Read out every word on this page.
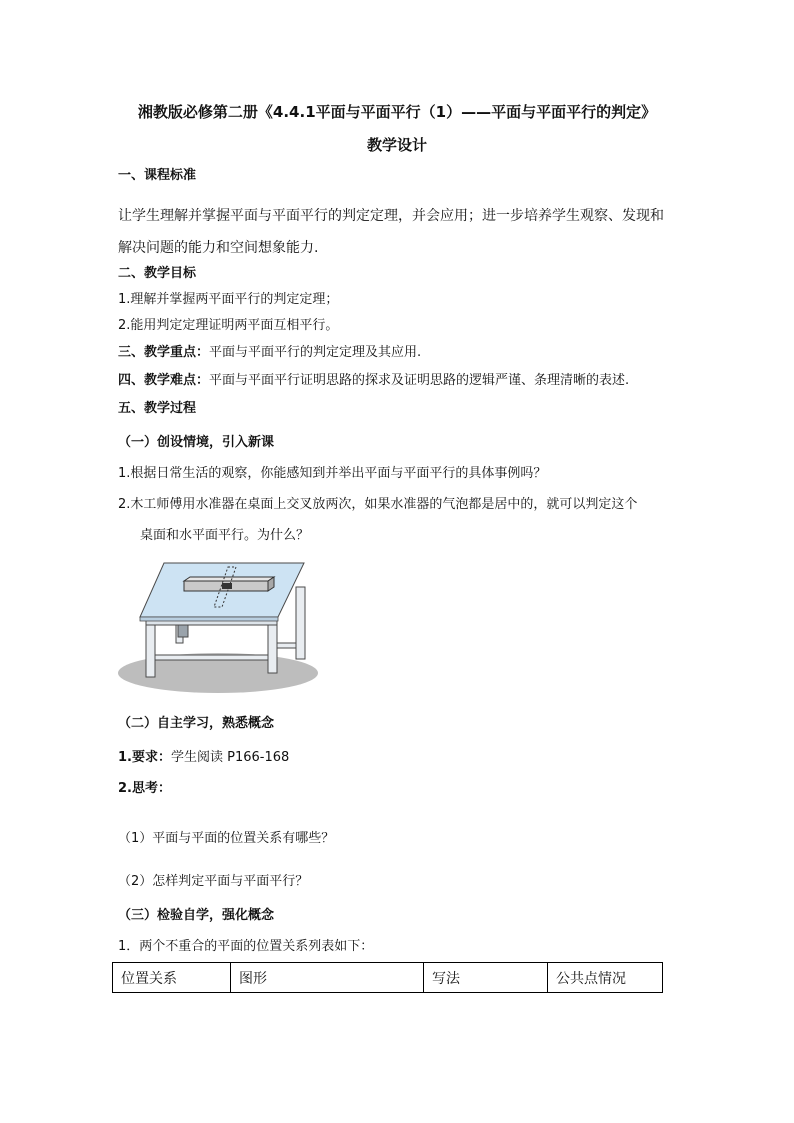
湘教版必修第二册《4.4.1平面与平面平行（1）——平面与平面平行的判定》
教学设计
一、课程标准
让学生理解并掌握平面与平面平行的判定定理，并会应用；进一步培养学生观察、发现和
解决问题的能力和空间想象能力.
二、教学目标
1.理解并掌握两平面平行的判定定理；
2.能用判定定理证明两平面互相平行。
三、教学重点：平面与平面平行的判定定理及其应用.
四、教学难点：平面与平面平行证明思路的探求及证明思路的逻辑严谨、条理清晰的表述.
五、教学过程
（一）创设情境，引入新课
1.根据日常生活的观察，你能感知到并举出平面与平面平行的具体事例吗？
2.木工师傅用水准器在桌面上交叉放两次，如果水准器的气泡都是居中的，就可以判定这个
桌面和水平面平行。为什么？
（二）自主学习，熟悉概念
1.要求：学生阅读 P166-168
2.思考：
（1）平面与平面的位置关系有哪些？
（2）怎样判定平面与平面平行？
（三）检验自学，强化概念
1．两个不重合的平面的位置关系列表如下：
位置关系	图形	写法	公共点情况
